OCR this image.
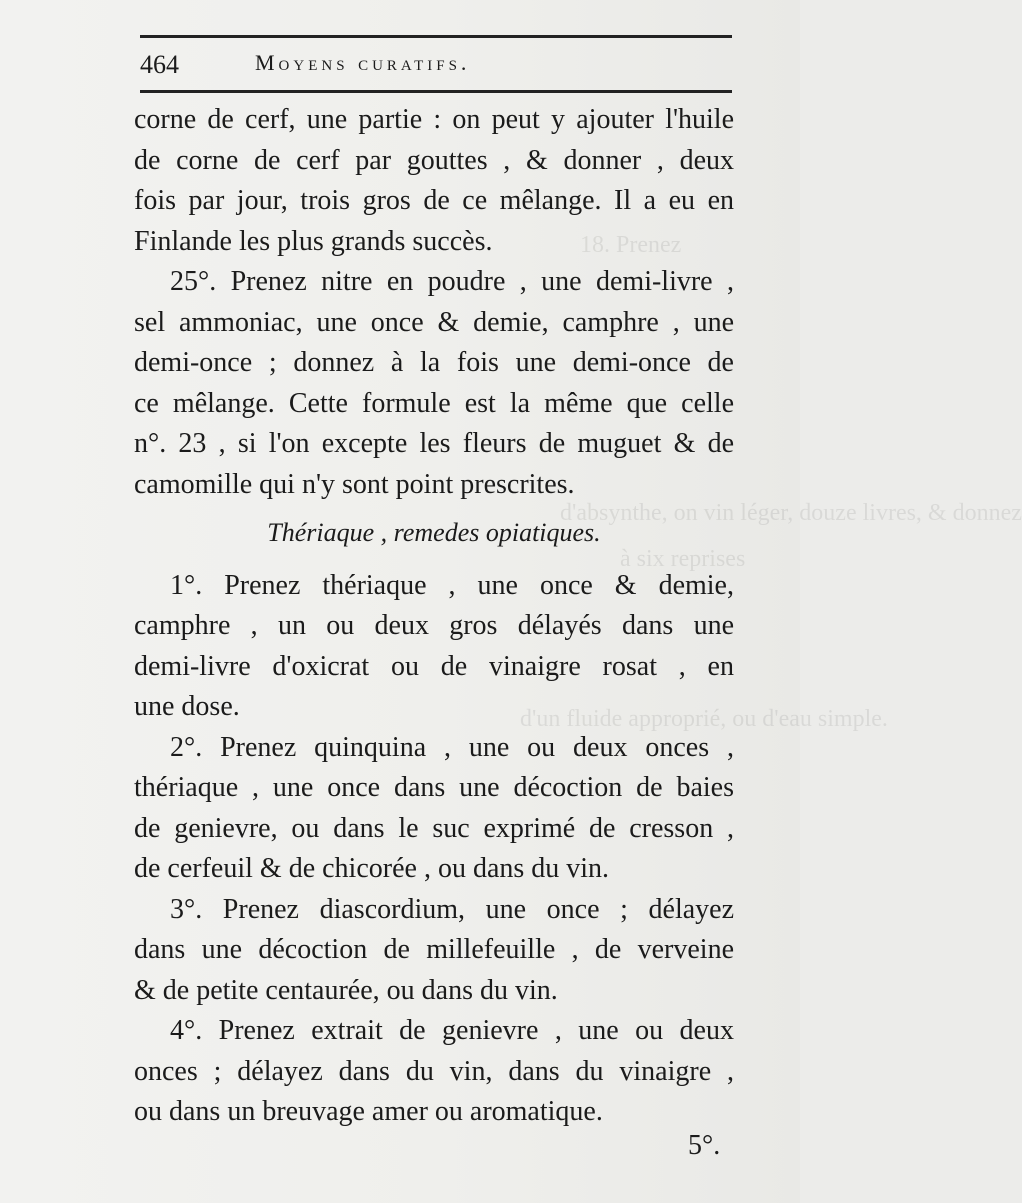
464	Moyens curatifs.
18. Prenez
d'absynthe, on vin léger, douze livres, & donnez
à six reprises
d'un fluide approprié, ou d'eau simple.
corne de cerf, une partie : on peut y ajouter l'huile
de corne de cerf par gouttes , & donner , deux
fois par jour, trois gros de ce mêlange. Il a eu en
Finlande les plus grands succès.
25°. Prenez nitre en poudre , une demi-livre ,
sel ammoniac, une once & demie, camphre , une
demi-once ; donnez à la fois une demi-once de
ce mêlange. Cette formule est la même que celle
n°. 23 , si l'on excepte les fleurs de muguet & de
camomille qui n'y sont point prescrites.
Thériaque , remedes opiatiques.
1°. Prenez thériaque , une once & demie,
camphre , un ou deux gros délayés dans une
demi-livre d'oxicrat ou de vinaigre rosat , en
une dose.
2°. Prenez quinquina , une ou deux onces ,
thériaque , une once dans une décoction de baies
de genievre, ou dans le suc exprimé de cresson ,
de cerfeuil & de chicorée , ou dans du vin.
3°. Prenez diascordium, une once ; délayez
dans une décoction de millefeuille , de verveine
& de petite centaurée, ou dans du vin.
4°. Prenez extrait de genievre , une ou deux
onces ; délayez dans du vin, dans du vinaigre ,
ou dans un breuvage amer ou aromatique.
5°.
